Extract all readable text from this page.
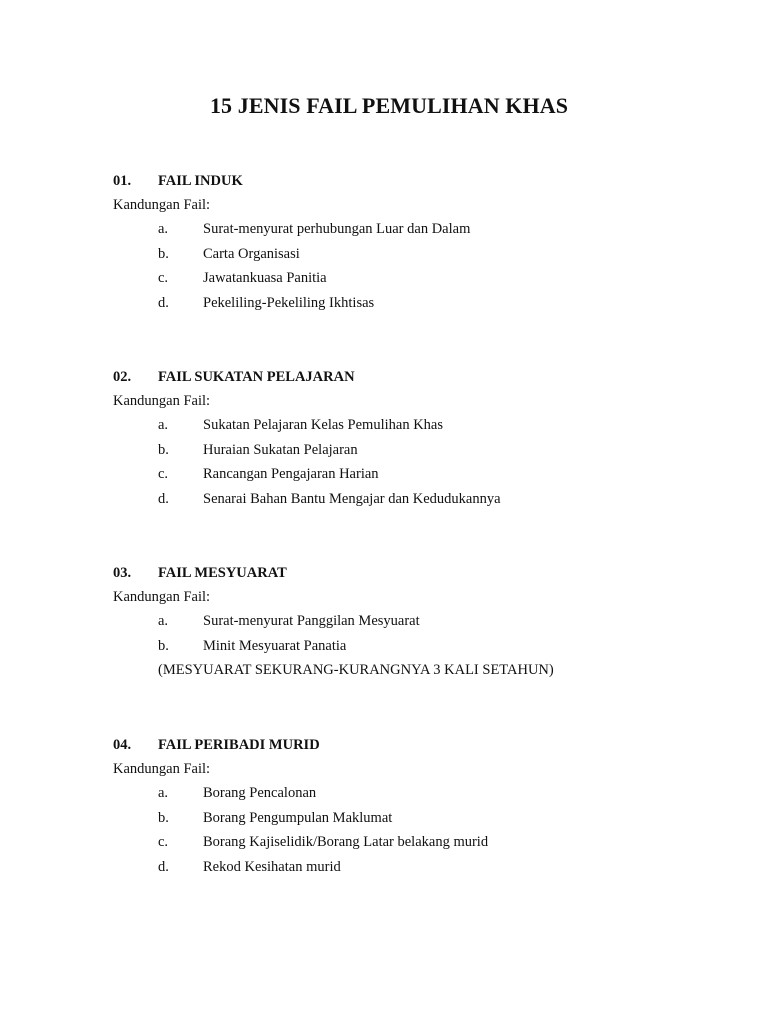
15 JENIS FAIL PEMULIHAN KHAS
01. FAIL INDUK
Kandungan Fail:
a. Surat-menyurat perhubungan Luar dan Dalam
b. Carta Organisasi
c. Jawatankuasa Panitia
d. Pekeliling-Pekeliling Ikhtisas
02. FAIL SUKATAN PELAJARAN
Kandungan Fail:
a. Sukatan Pelajaran Kelas Pemulihan Khas
b. Huraian Sukatan Pelajaran
c. Rancangan Pengajaran Harian
d. Senarai Bahan Bantu Mengajar dan Kedudukannya
03. FAIL MESYUARAT
Kandungan Fail:
a. Surat-menyurat Panggilan Mesyuarat
b. Minit Mesyuarat Panatia
(MESYUARAT SEKURANG-KURANGNYA 3 KALI SETAHUN)
04. FAIL PERIBADI MURID
Kandungan Fail:
a. Borang Pencalonan
b. Borang Pengumpulan Maklumat
c. Borang Kajiselidik/Borang Latar belakang murid
d. Rekod Kesihatan murid
